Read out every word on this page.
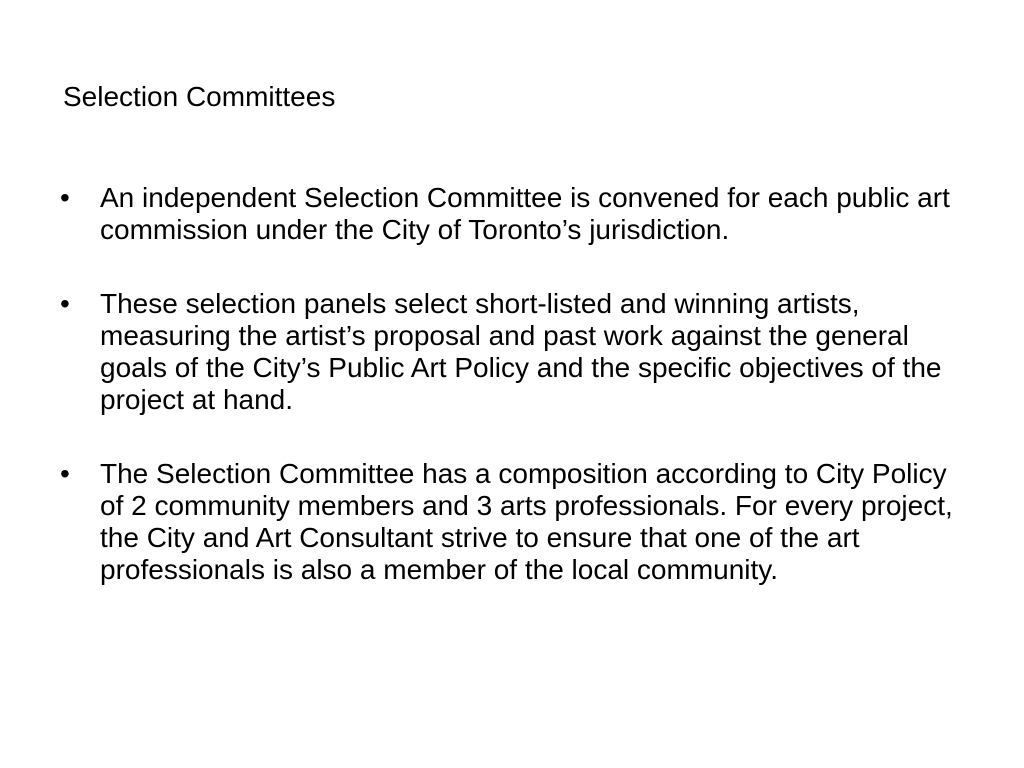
Selection Committees
•	An independent Selection Committee is convened for each public art commission under the City of Toronto’s jurisdiction.
•	These selection panels select short-listed and winning artists, measuring the artist’s proposal and past work against the general goals of the City’s Public Art Policy and the specific objectives of the project at hand.
•	The Selection Committee has a composition according to City Policy of 2 community members and 3 arts professionals. For every project, the City and Art Consultant strive to ensure that one of the art professionals is also a member of the local community.
